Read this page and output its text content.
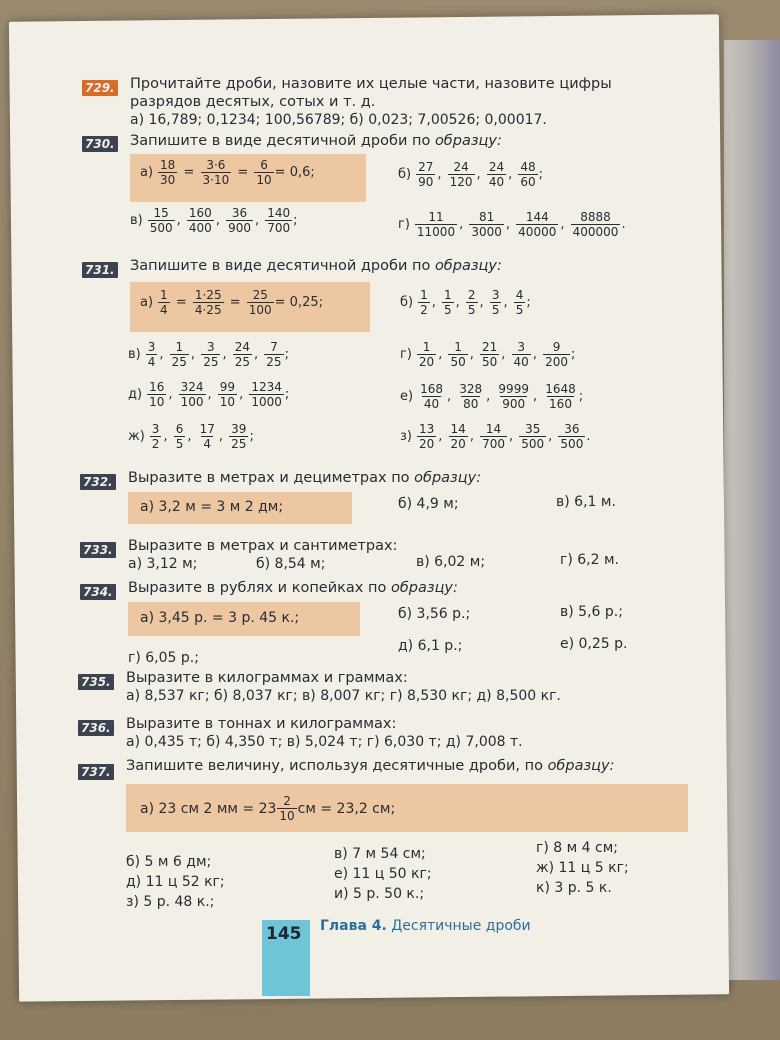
729. Прочитайте дроби, назовите их целые части, назовите цифры
разрядов десятых, сотых и т. д.
а) 16,789; 0,1234; 100,56789; б) 0,023; 7,00526; 0,00017.
730. Запишите в виде десятичной дроби по образцу:
$а) \frac{18}{30} = \frac{3\cdot 6}{3\cdot 10} = \frac{6}{10} = 0,6$;	$б) \frac{27}{90}$ , $\frac{24}{120}$ , $\frac{24}{40}$ , $\frac{48}{60}$ ;
$в) \frac{15}{500}$ , $\frac{160}{400}$ , $\frac{36}{900}$ , $\frac{140}{700}$ ;	$г) \frac{11}{11000}$ , $\frac{81}{3000}$ , $\frac{144}{40000}$ , $\frac{8888}{400000}$ .
731. Запишите в виде десятичной дроби по образцу:
$а) \frac{1}{4} = \frac{1\cdot 25}{4\cdot 25} = \frac{25}{100} = 0,25$;	$б) \frac{1}{2}$ , $\frac{1}{5}$ , $\frac{2}{5}$ , $\frac{3}{5}$ , $\frac{4}{5}$ ;
$в) \frac{3}{4}$ , $\frac{1}{25}$ , $\frac{3}{25}$ , $\frac{24}{25}$ , $\frac{7}{25}$ ;	$г) \frac{1}{20}$ , $\frac{1}{50}$ , $\frac{21}{50}$ , $\frac{3}{40}$ , $\frac{9}{200}$ ;
$д) \frac{16}{10}$ , $\frac{324}{100}$ , $\frac{99}{10}$ , $\frac{1234}{1000}$ ;	$е) \frac{168}{40}$ , $\frac{328}{80}$ , $\frac{9999}{900}$ , $\frac{1648}{160}$ ;
$ж) \frac{3}{2}$ , $\frac{6}{5}$ , $\frac{17}{4}$ , $\frac{39}{25}$ ;	$з) \frac{13}{20}$ , $\frac{14}{20}$ , $\frac{14}{700}$ , $\frac{35}{500}$ , $\frac{36}{500}$ .
732. Выразите в метрах и дециметрах по образцу:
а) 3,2 м = 3 м 2 дм;	б) 4,9 м;	в) 6,1 м.
733. Выразите в метрах и сантиметрах:
а) 3,12 м;	б) 8,54 м;	в) 6,02 м;	г) 6,2 м.
734. Выразите в рублях и копейках по образцу:
а) 3,45 р. = 3 р. 45 к.;	б) 3,56 р.;	в) 5,6 р.;
г) 6,05 р.;
д) 6,1 р.;	е) 0,25 р.
735. Выразите в килограммах и граммах:
а) 8,537 кг; б) 8,037 кг; в) 8,007 кг; г) 8,530 кг; д) 8,500 кг.
736. Выразите в тоннах и килограммах:
а) 0,435 т; б) 4,350 т; в) 5,024 т; г) 6,030 т; д) 7,008 т.
737. Запишите величину, используя десятичные дроби, по образцу:
а) 23 см 2 мм = $23 \frac{2}{10}$ см = 23,2 см;
б) 5 м 6 дм;	в) 7 м 54 см;	г) 8 м 4 см;
д) 11 ц 52 кг;	е) 11 ц 50 кг;	ж) 11 ц 5 кг;
з) 5 р. 48 к.;	и) 5 р. 50 к.;	к) 3 р. 5 к.
145 Глава 4. Десятичные дроби
